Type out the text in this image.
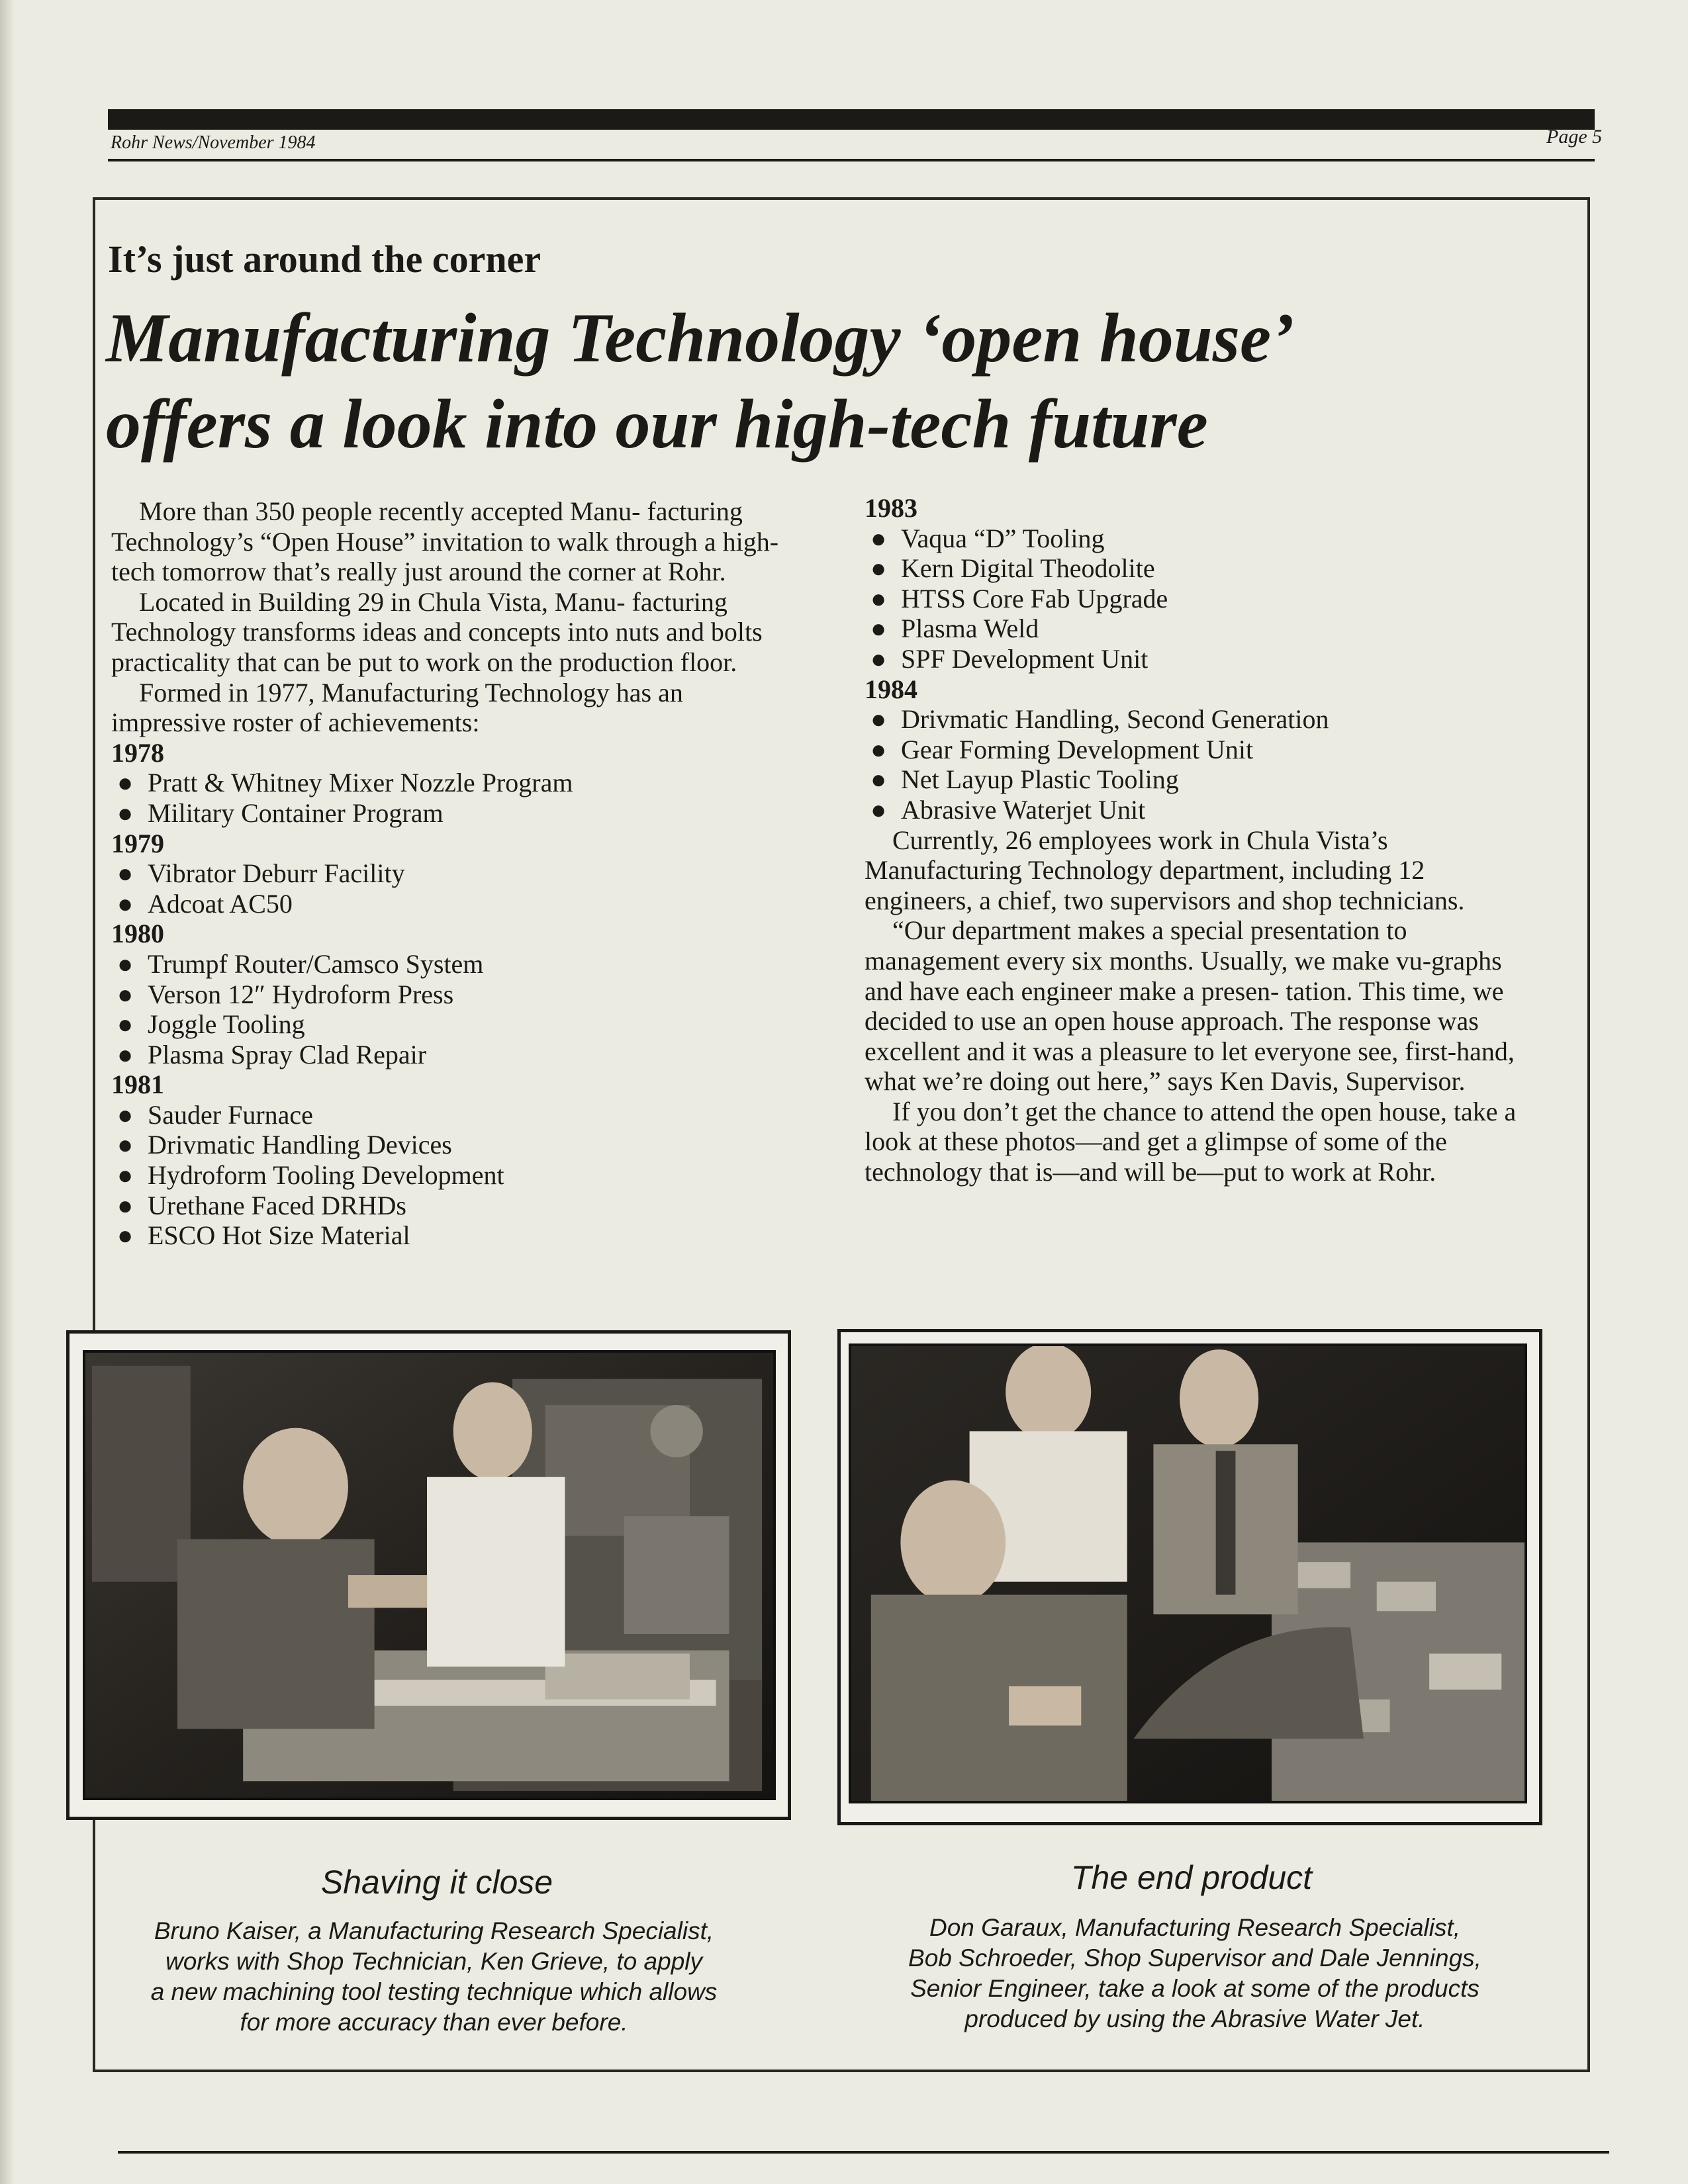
Rohr News/November 1984	Page 5
It’s just around the corner
Manufacturing Technology ‘open house’
offers a look into our high-tech future

More than 350 people recently accepted Manu- facturing Technology’s “Open House” invitation to walk through a high-tech tomorrow that’s really just around the corner at Rohr.

Located in Building 29 in Chula Vista, Manu- facturing Technology transforms ideas and concepts into nuts and bolts practicality that can be put to work on the production floor.

Formed in 1977, Manufacturing Technology has an impressive roster of achievements:

1978
● Pratt & Whitney Mixer Nozzle Program
● Military Container Program
1979
● Vibrator Deburr Facility
● Adcoat AC50
1980
● Trumpf Router/Camsco System
● Verson 12″ Hydroform Press
● Joggle Tooling
● Plasma Spray Clad Repair
1981
● Sauder Furnace
● Drivmatic Handling Devices
● Hydroform Tooling Development
● Urethane Faced DRHDs
● ESCO Hot Size Material
1983
● Vaqua “D” Tooling
● Kern Digital Theodolite
● HTSS Core Fab Upgrade
● Plasma Weld
● SPF Development Unit
1984
● Drivmatic Handling, Second Generation
● Gear Forming Development Unit
● Net Layup Plastic Tooling
● Abrasive Waterjet Unit

Currently, 26 employees work in Chula Vista’s Manufacturing Technology department, including 12 engineers, a chief, two supervisors and shop technicians.

“Our department makes a special presentation to management every six months. Usually, we make vu-graphs and have each engineer make a presen- tation. This time, we decided to use an open house approach. The response was excellent and it was a pleasure to let everyone see, first-hand, what we’re doing out here,” says Ken Davis, Supervisor.

If you don’t get the chance to attend the open house, take a look at these photos—and get a glimpse of some of the technology that is—and will be—put to work at Rohr.

Shaving it close

Bruno Kaiser, a Manufacturing Research Specialist,
works with Shop Technician, Ken Grieve, to apply
a new machining tool testing technique which allows
for more accuracy than ever before.

The end product

Don Garaux, Manufacturing Research Specialist,
Bob Schroeder, Shop Supervisor and Dale Jennings,
Senior Engineer, take a look at some of the products
produced by using the Abrasive Water Jet.
